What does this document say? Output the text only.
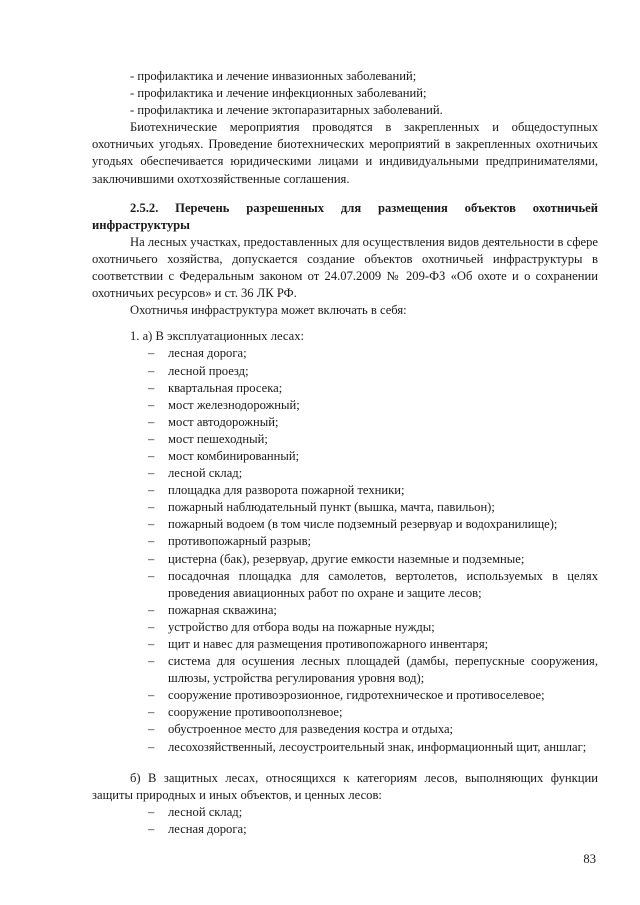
- профилактика и лечение инвазионных заболеваний;

- профилактика и лечение инфекционных заболеваний;

- профилактика и лечение эктопаразитарных заболеваний.

Биотехнические мероприятия проводятся в закрепленных и общедоступных охотничьих угодьях. Проведение биотехнических мероприятий в закрепленных охотничьих угодьях обеспечивается юридическими лицами и индивидуальными предпринимателями, заключившими охотхозяйственные соглашения.

2.5.2. Перечень разрешенных для размещения объектов охотничьей инфраструктуры

На лесных участках, предоставленных для осуществления видов деятельности в сфере охотничьего хозяйства, допускается создание объектов охотничьей инфраструктуры в соответствии с Федеральным законом от 24.07.2009 № 209-ФЗ «Об охоте и о сохранении охотничьих ресурсов» и ст. 36 ЛК РФ.

Охотничья инфраструктура может включать в себя:

1. а) В эксплуатационных лесах:

– лесная дорога;
– лесной проезд;
– квартальная просека;
– мост железнодорожный;
– мост автодорожный;
– мост пешеходный;
– мост комбинированный;
– лесной склад;
– площадка для разворота пожарной техники;
– пожарный наблюдательный пункт (вышка, мачта, павильон);
– пожарный водоем (в том числе подземный резервуар и водохранилище);
– противопожарный разрыв;
– цистерна (бак), резервуар, другие емкости наземные и подземные;
– посадочная площадка для самолетов, вертолетов, используемых в целях проведения авиационных работ по охране и защите лесов;
– пожарная скважина;
– устройство для отбора воды на пожарные нужды;
– щит и навес для размещения противопожарного инвентаря;
– система для осушения лесных площадей (дамбы, перепускные сооружения, шлюзы, устройства регулирования уровня вод);
– сооружение противоэрозионное, гидротехническое и противоселевое;
– сооружение противооползневое;
– обустроенное место для разведения костра и отдыха;
– лесохозяйственный, лесоустроительный знак, информационный щит, аншлаг;

б) В защитных лесах, относящихся к категориям лесов, выполняющих функции защиты природных и иных объектов, и ценных лесов:

– лесной склад;
– лесная дорога;
83
